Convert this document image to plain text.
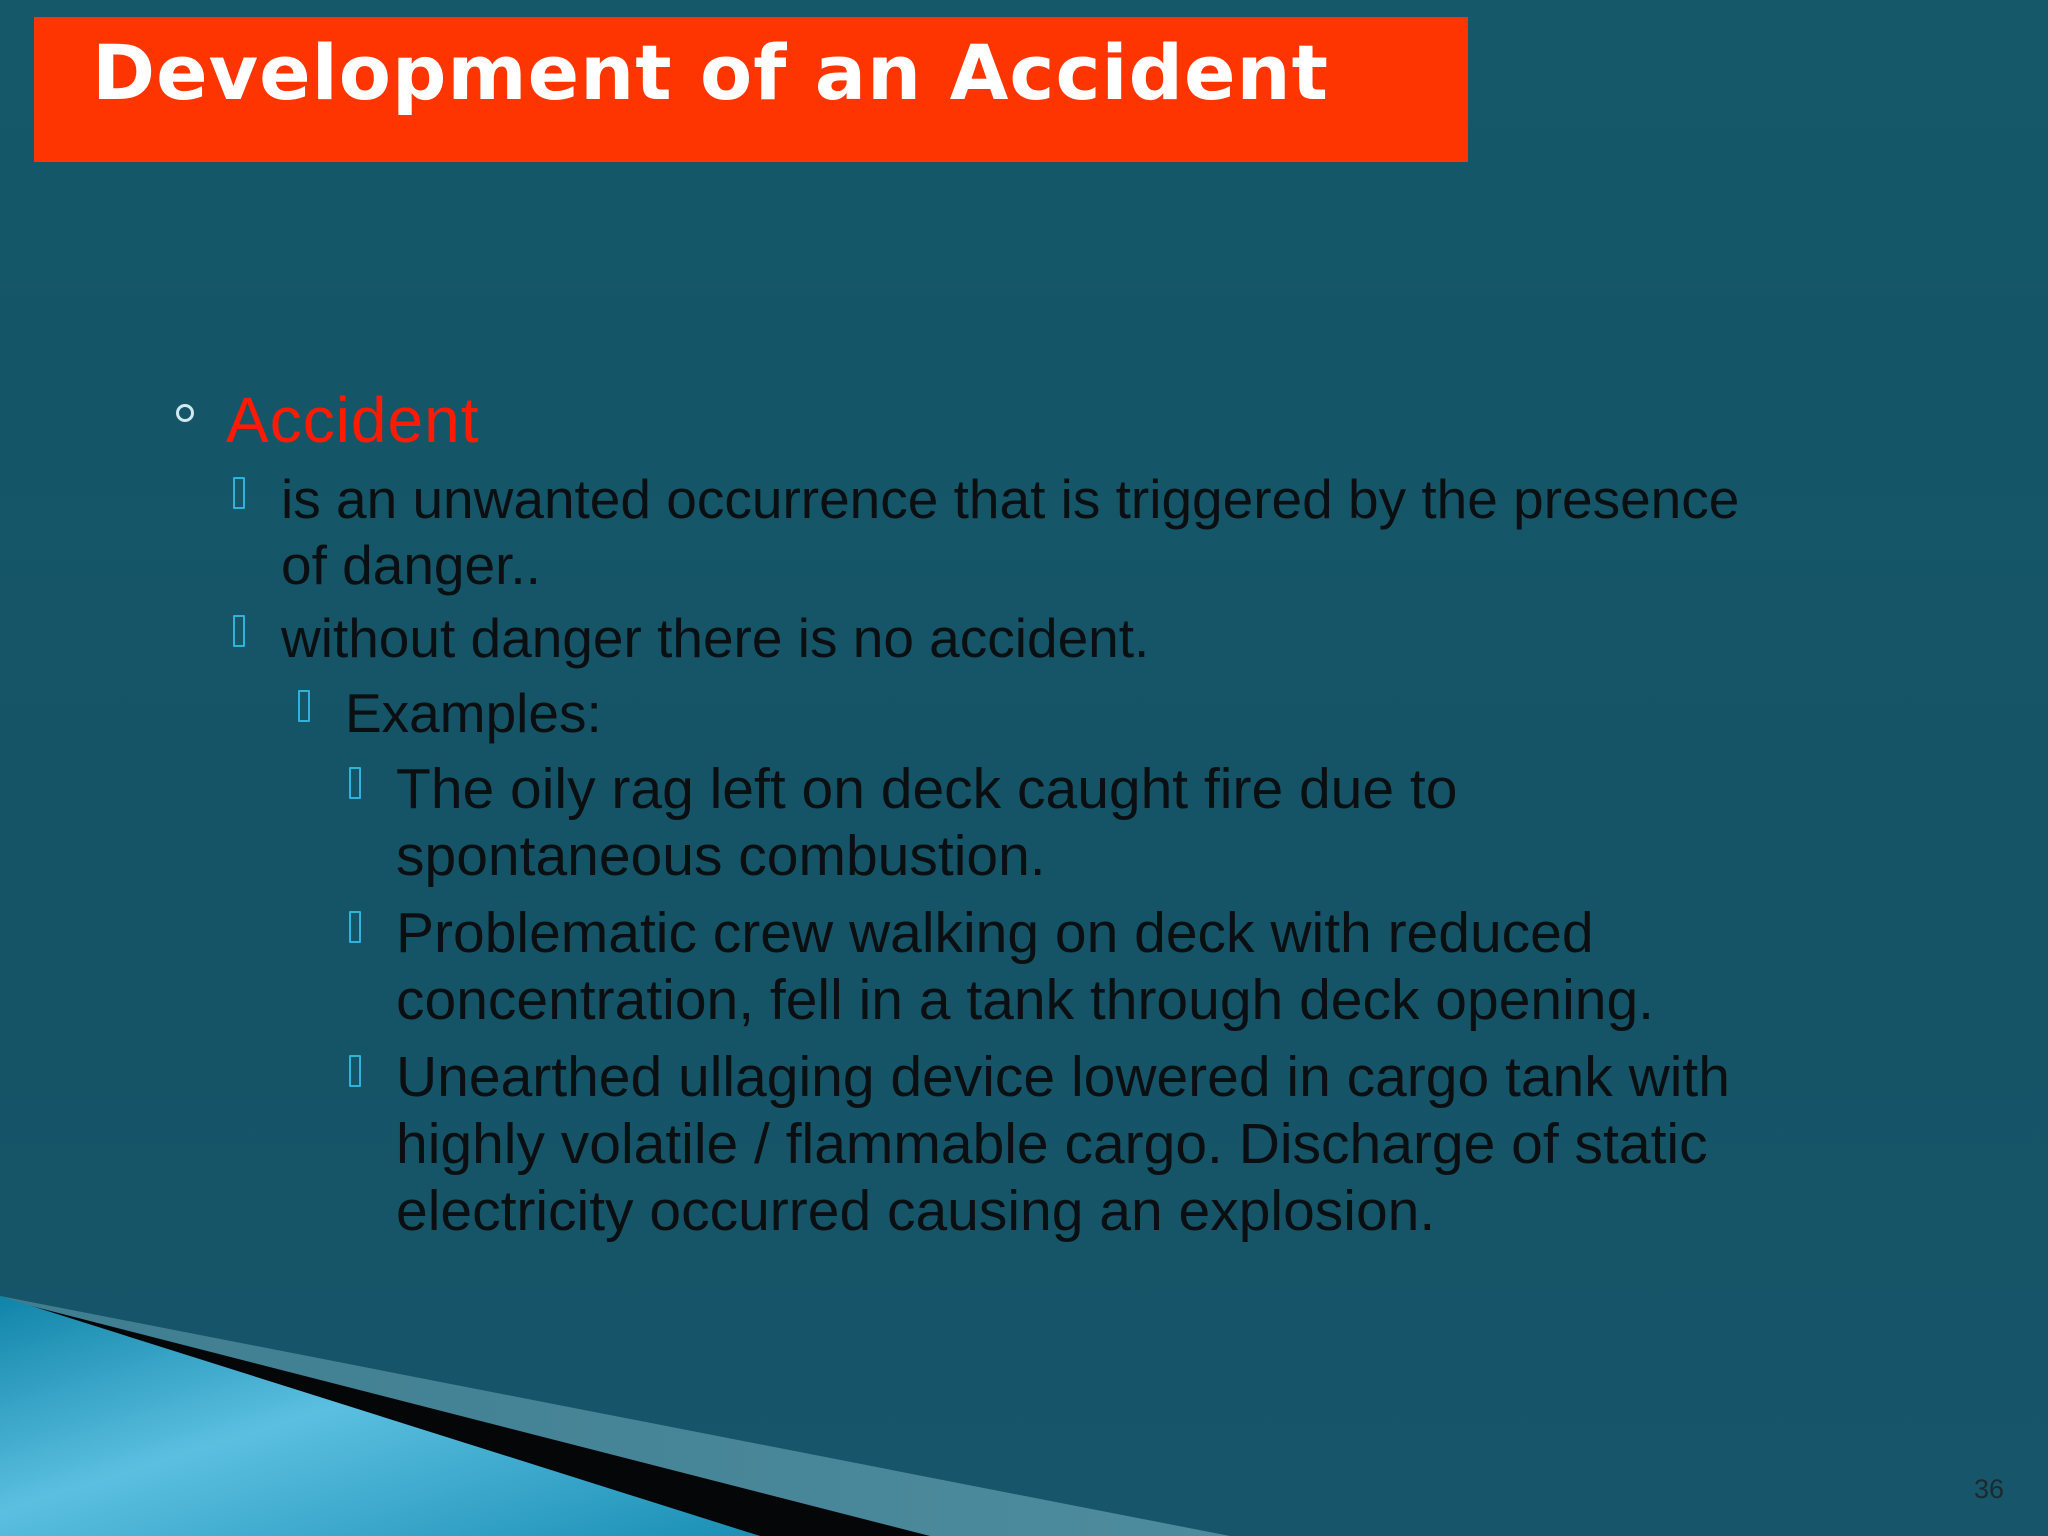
Development of an Accident
Accident
is an unwanted occurrence that is triggered by the presence
of danger..
without danger there is no accident.
Examples:
The oily rag left on deck caught fire due to
spontaneous combustion.
Problematic crew walking on deck with reduced
concentration, fell in a tank through deck opening.
Unearthed ullaging device lowered in cargo tank with
highly volatile / flammable cargo. Discharge of static
electricity occurred causing an explosion.
36
